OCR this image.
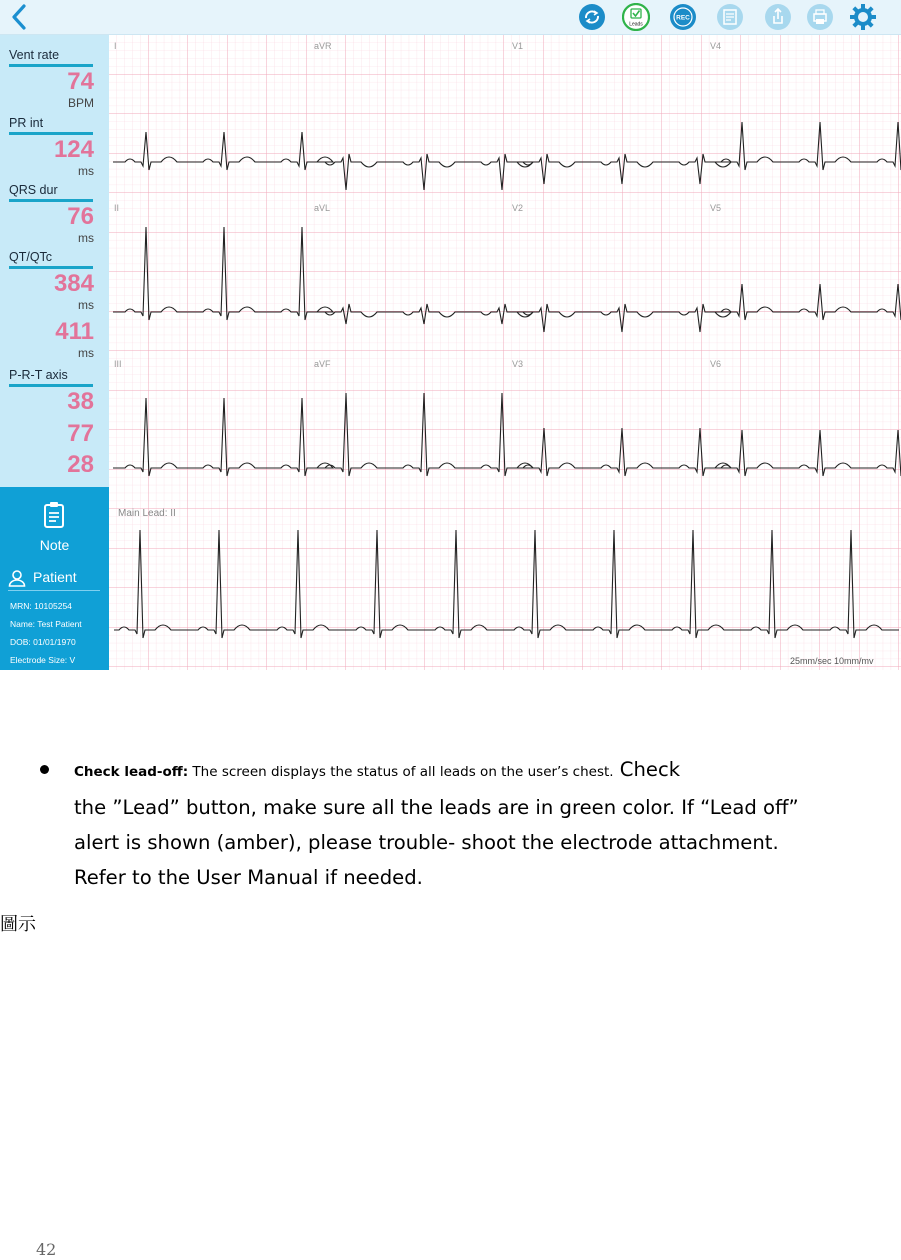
Leads
REC
Vent rate
74
BPM
PR int
124
ms
QRS dur
76
ms
QT/QTc
384
ms
411
ms
P-R-T axis
38
77
28
Note
Patient
MRN: 10105254
Name: Test Patient
DOB: 01/01/1970
Electrode Size: V
I	aVR	V1	V4
II	aVL	V2	V5
III	aVF	V3	V6
Main Lead: II
25mm/sec 10mm/mv
Check lead-off: The screen displays the status of all leads on the user’s chest. Check
the ”Lead” button, make sure all the leads are in green color. If “Lead off”
alert is shown (amber), please trouble- shoot the electrode attachment.
Refer to the User Manual if needed.
圖示
42
